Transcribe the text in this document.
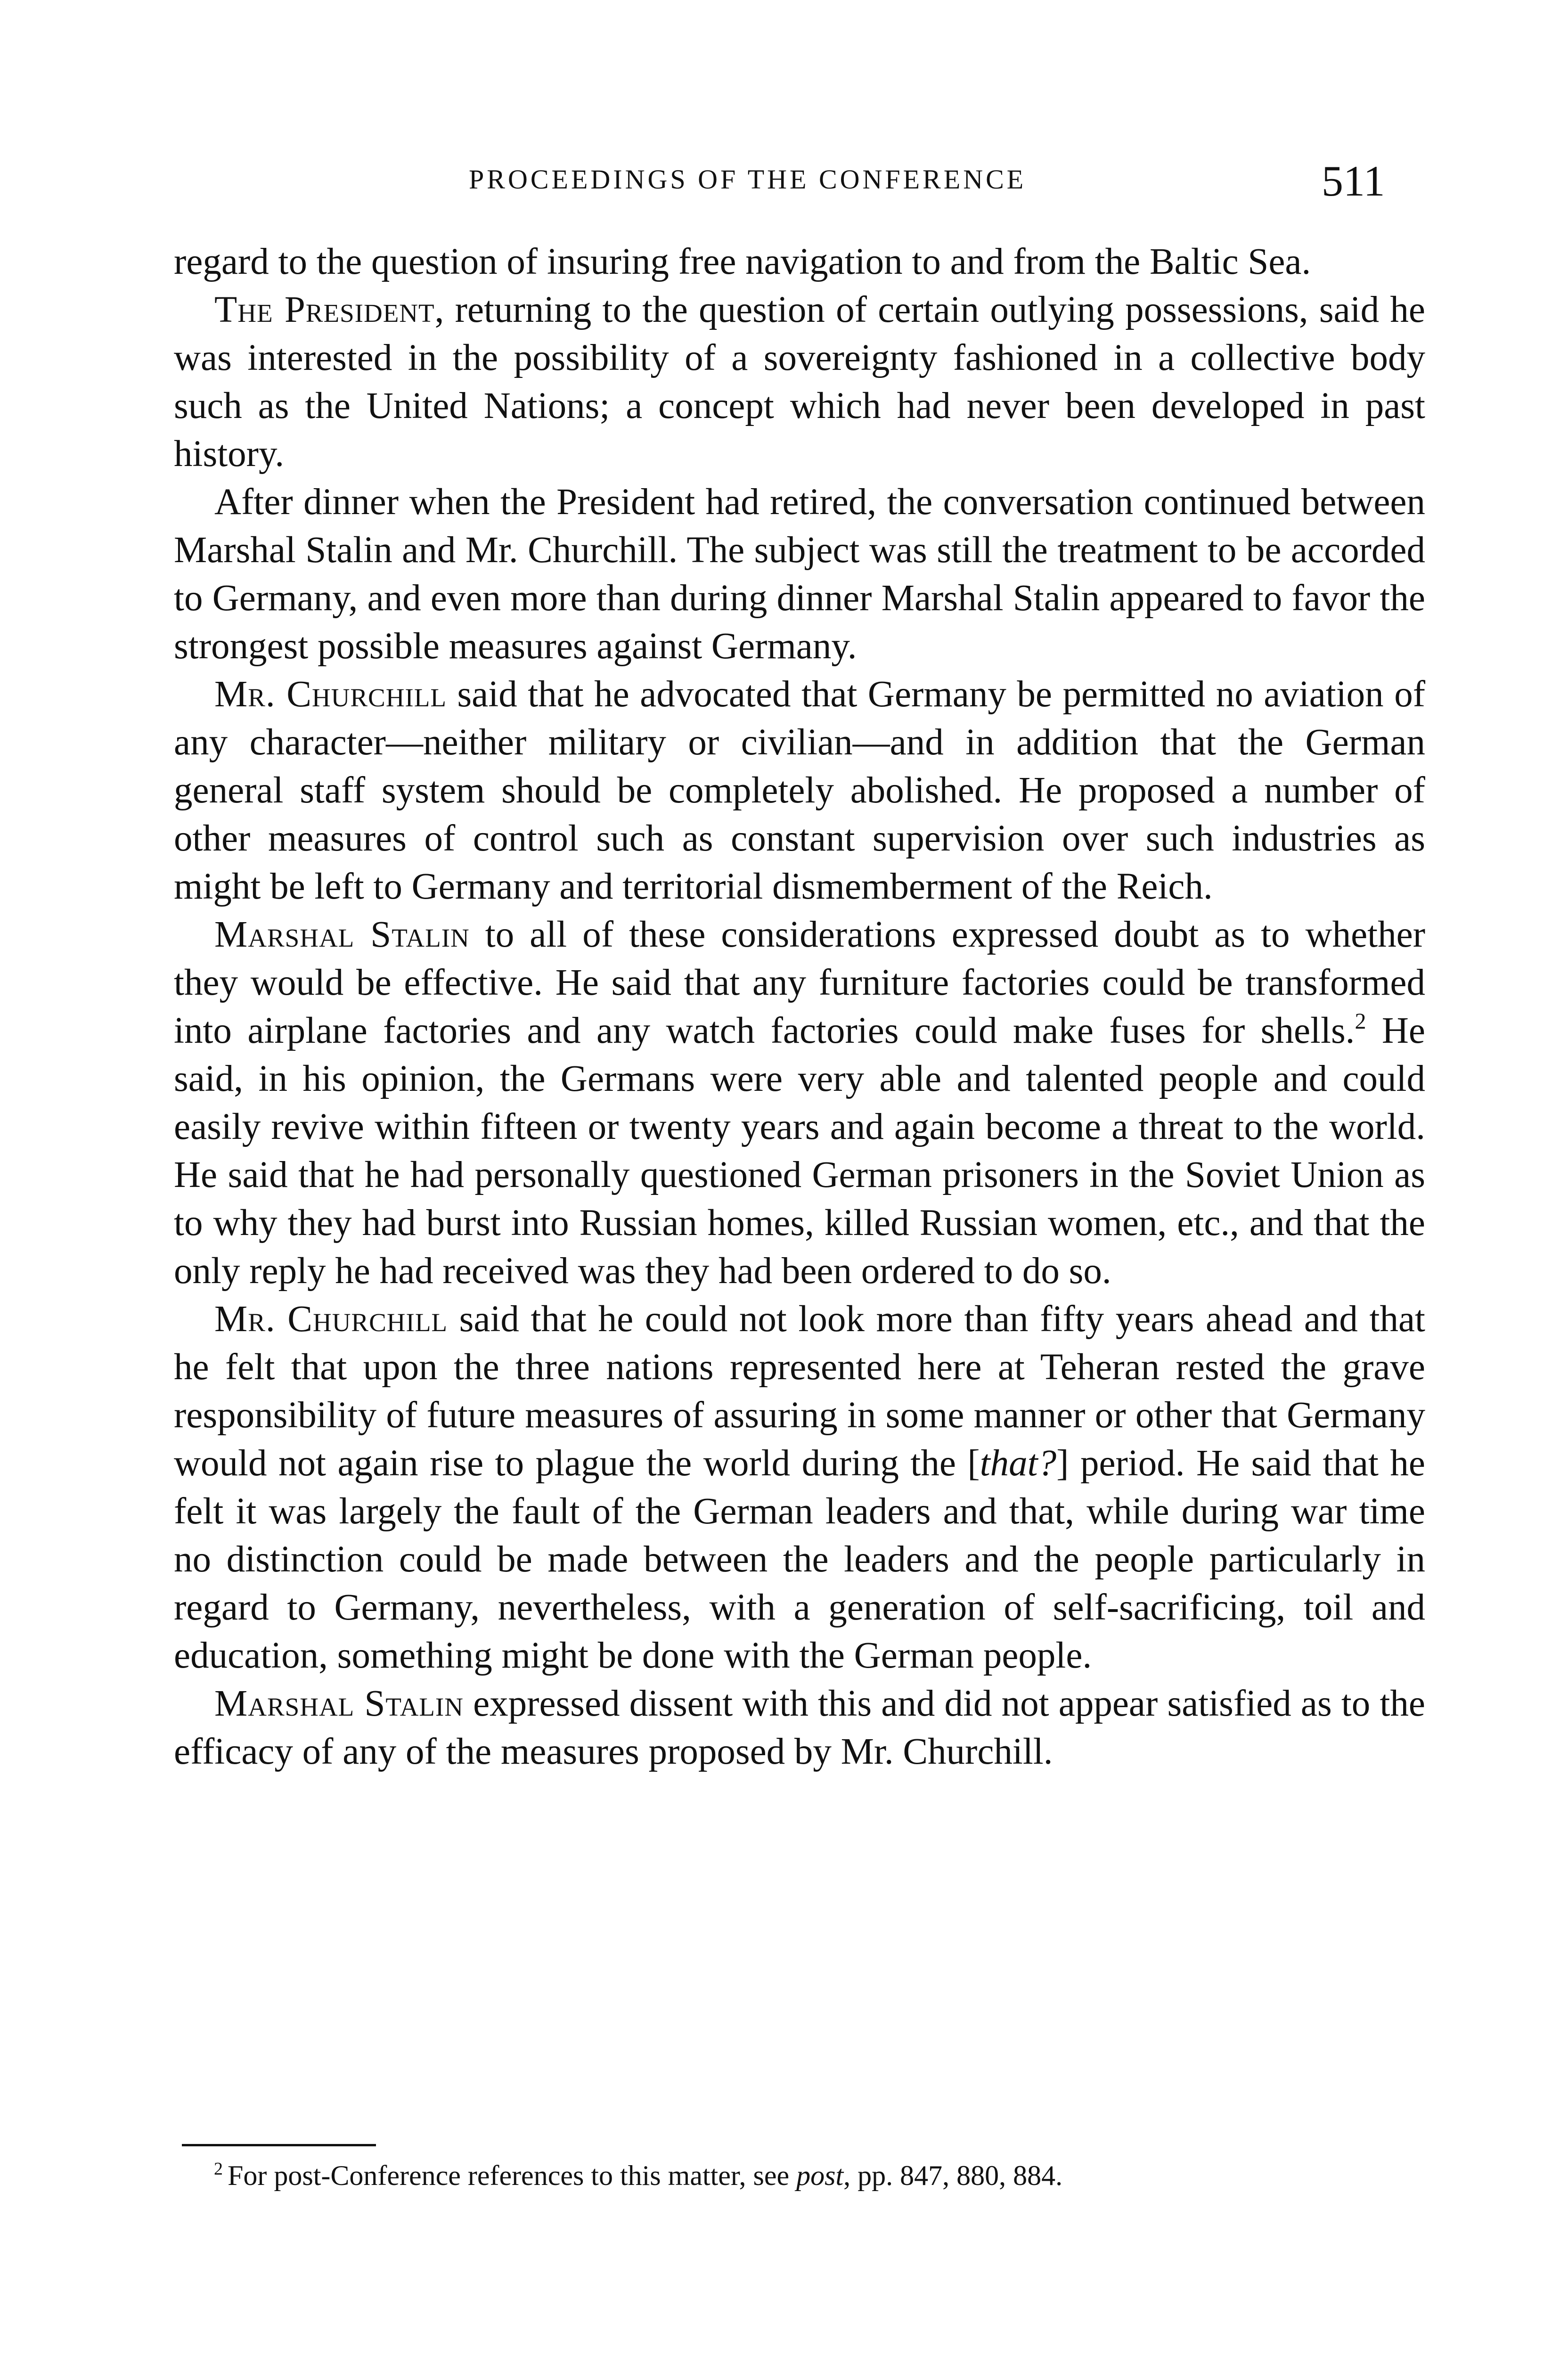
PROCEEDINGS OF THE CONFERENCE	511

regard to the question of insuring free navigation to and from the Baltic Sea.

The President, returning to the question of certain outlying possessions, said he was interested in the possibility of a sovereignty fashioned in a collective body such as the United Nations; a concept which had never been developed in past history.

After dinner when the President had retired, the conversation continued between Marshal Stalin and Mr. Churchill. The subject was still the treatment to be accorded to Germany, and even more than during dinner Marshal Stalin appeared to favor the strongest possible measures against Germany.

Mr. Churchill said that he advocated that Germany be permitted no aviation of any character—neither military or civilian—and in addition that the German general staff system should be completely abolished. He proposed a number of other measures of control such as constant supervision over such industries as might be left to Germany and territorial dismemberment of the Reich.

Marshal Stalin to all of these considerations expressed doubt as to whether they would be effective. He said that any furniture factories could be transformed into airplane factories and any watch factories could make fuses for shells.$^2$ He said, in his opinion, the Germans were very able and talented people and could easily revive within fifteen or twenty years and again become a threat to the world. He said that he had personally questioned German prisoners in the Soviet Union as to why they had burst into Russian homes, killed Russian women, etc., and that the only reply he had received was they had been ordered to do so.

Mr. Churchill said that he could not look more than fifty years ahead and that he felt that upon the three nations represented here at Teheran rested the grave responsibility of future measures of assuring in some manner or other that Germany would not again rise to plague the world during the [that?] period. He said that he felt it was largely the fault of the German leaders and that, while during war time no distinction could be made between the leaders and the people particularly in regard to Germany, nevertheless, with a generation of self-sacrificing, toil and education, something might be done with the German people.

Marshal Stalin expressed dissent with this and did not appear satisfied as to the efficacy of any of the measures proposed by Mr. Churchill.

$^2$ For post-Conference references to this matter, see post, pp. 847, 880, 884.
